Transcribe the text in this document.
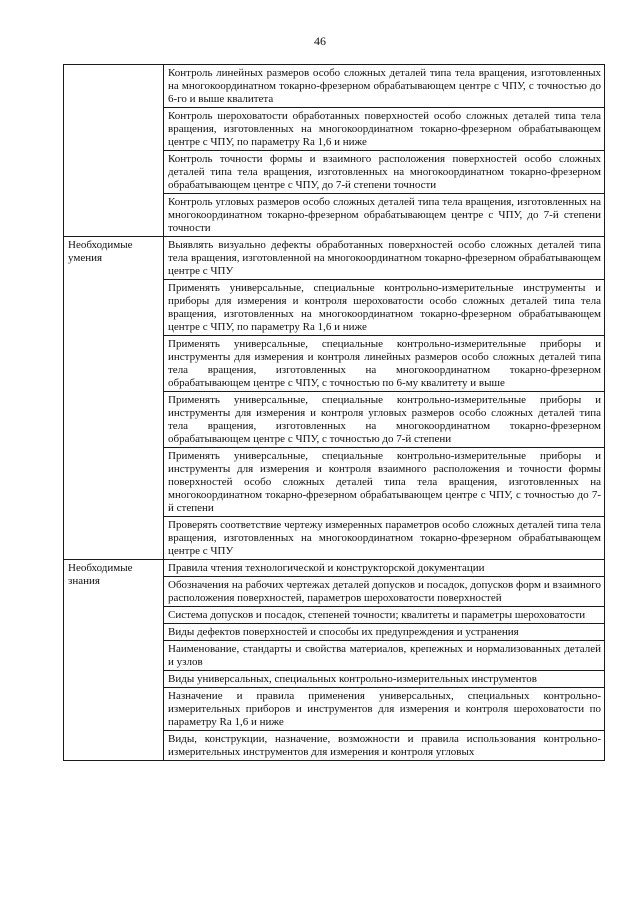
46
	Контроль линейных размеров особо сложных деталей типа тела вращения, изготовленных на многокоординатном токарно-фрезерном обрабатывающем центре с ЧПУ, с точностью до 6-го и выше квалитета
	Контроль шероховатости обработанных поверхностей особо сложных деталей типа тела вращения, изготовленных на многокоординатном токарно-фрезерном обрабатывающем центре с ЧПУ, по параметру Ra 1,6 и ниже
	Контроль точности формы и взаимного расположения поверхностей особо сложных деталей типа тела вращения, изготовленных на многокоординатном токарно-фрезерном обрабатывающем центре с ЧПУ, до 7-й степени точности
	Контроль угловых размеров особо сложных деталей типа тела вращения, изготовленных на многокоординатном токарно-фрезерном обрабатывающем центре с ЧПУ, до 7-й степени точности
Необходимые умения	Выявлять визуально дефекты обработанных поверхностей особо сложных деталей типа тела вращения, изготовленной на многокоординатном токарно-фрезерном обрабатывающем центре с ЧПУ
	Применять универсальные, специальные контрольно-измерительные инструменты и приборы для измерения и контроля шероховатости особо сложных деталей типа тела вращения, изготовленных на многокоординатном токарно-фрезерном обрабатывающем центре с ЧПУ, по параметру Ra 1,6 и ниже
	Применять универсальные, специальные контрольно-измерительные приборы и инструменты для измерения и контроля линейных размеров особо сложных деталей типа тела вращения, изготовленных на многокоординатном токарно-фрезерном обрабатывающем центре с ЧПУ, с точностью по 6-му квалитету и выше
	Применять универсальные, специальные контрольно-измерительные приборы и инструменты для измерения и контроля угловых размеров особо сложных деталей типа тела вращения, изготовленных на многокоординатном токарно-фрезерном обрабатывающем центре с ЧПУ, с точностью до 7-й степени
	Применять универсальные, специальные контрольно-измерительные приборы и инструменты для измерения и контроля взаимного расположения и точности формы поверхностей особо сложных деталей типа тела вращения, изготовленных на многокоординатном токарно-фрезерном обрабатывающем центре с ЧПУ, с точностью до 7-й степени
	Проверять соответствие чертежу измеренных параметров особо сложных деталей типа тела вращения, изготовленных на многокоординатном токарно-фрезерном обрабатывающем центре с ЧПУ
Необходимые знания	Правила чтения технологической и конструкторской документации
	Обозначения на рабочих чертежах деталей допусков и посадок, допусков форм и взаимного расположения поверхностей, параметров шероховатости поверхностей
	Система допусков и посадок, степеней точности; квалитеты и параметры шероховатости
	Виды дефектов поверхностей и способы их предупреждения и устранения
	Наименование, стандарты и свойства материалов, крепежных и нормализованных деталей и узлов
	Виды универсальных, специальных контрольно-измерительных инструментов
	Назначение и правила применения универсальных, специальных контрольно-измерительных приборов и инструментов для измерения и контроля шероховатости по параметру Ra 1,6 и ниже
	Виды, конструкции, назначение, возможности и правила использования контрольно-измерительных инструментов для измерения и контроля угловых
